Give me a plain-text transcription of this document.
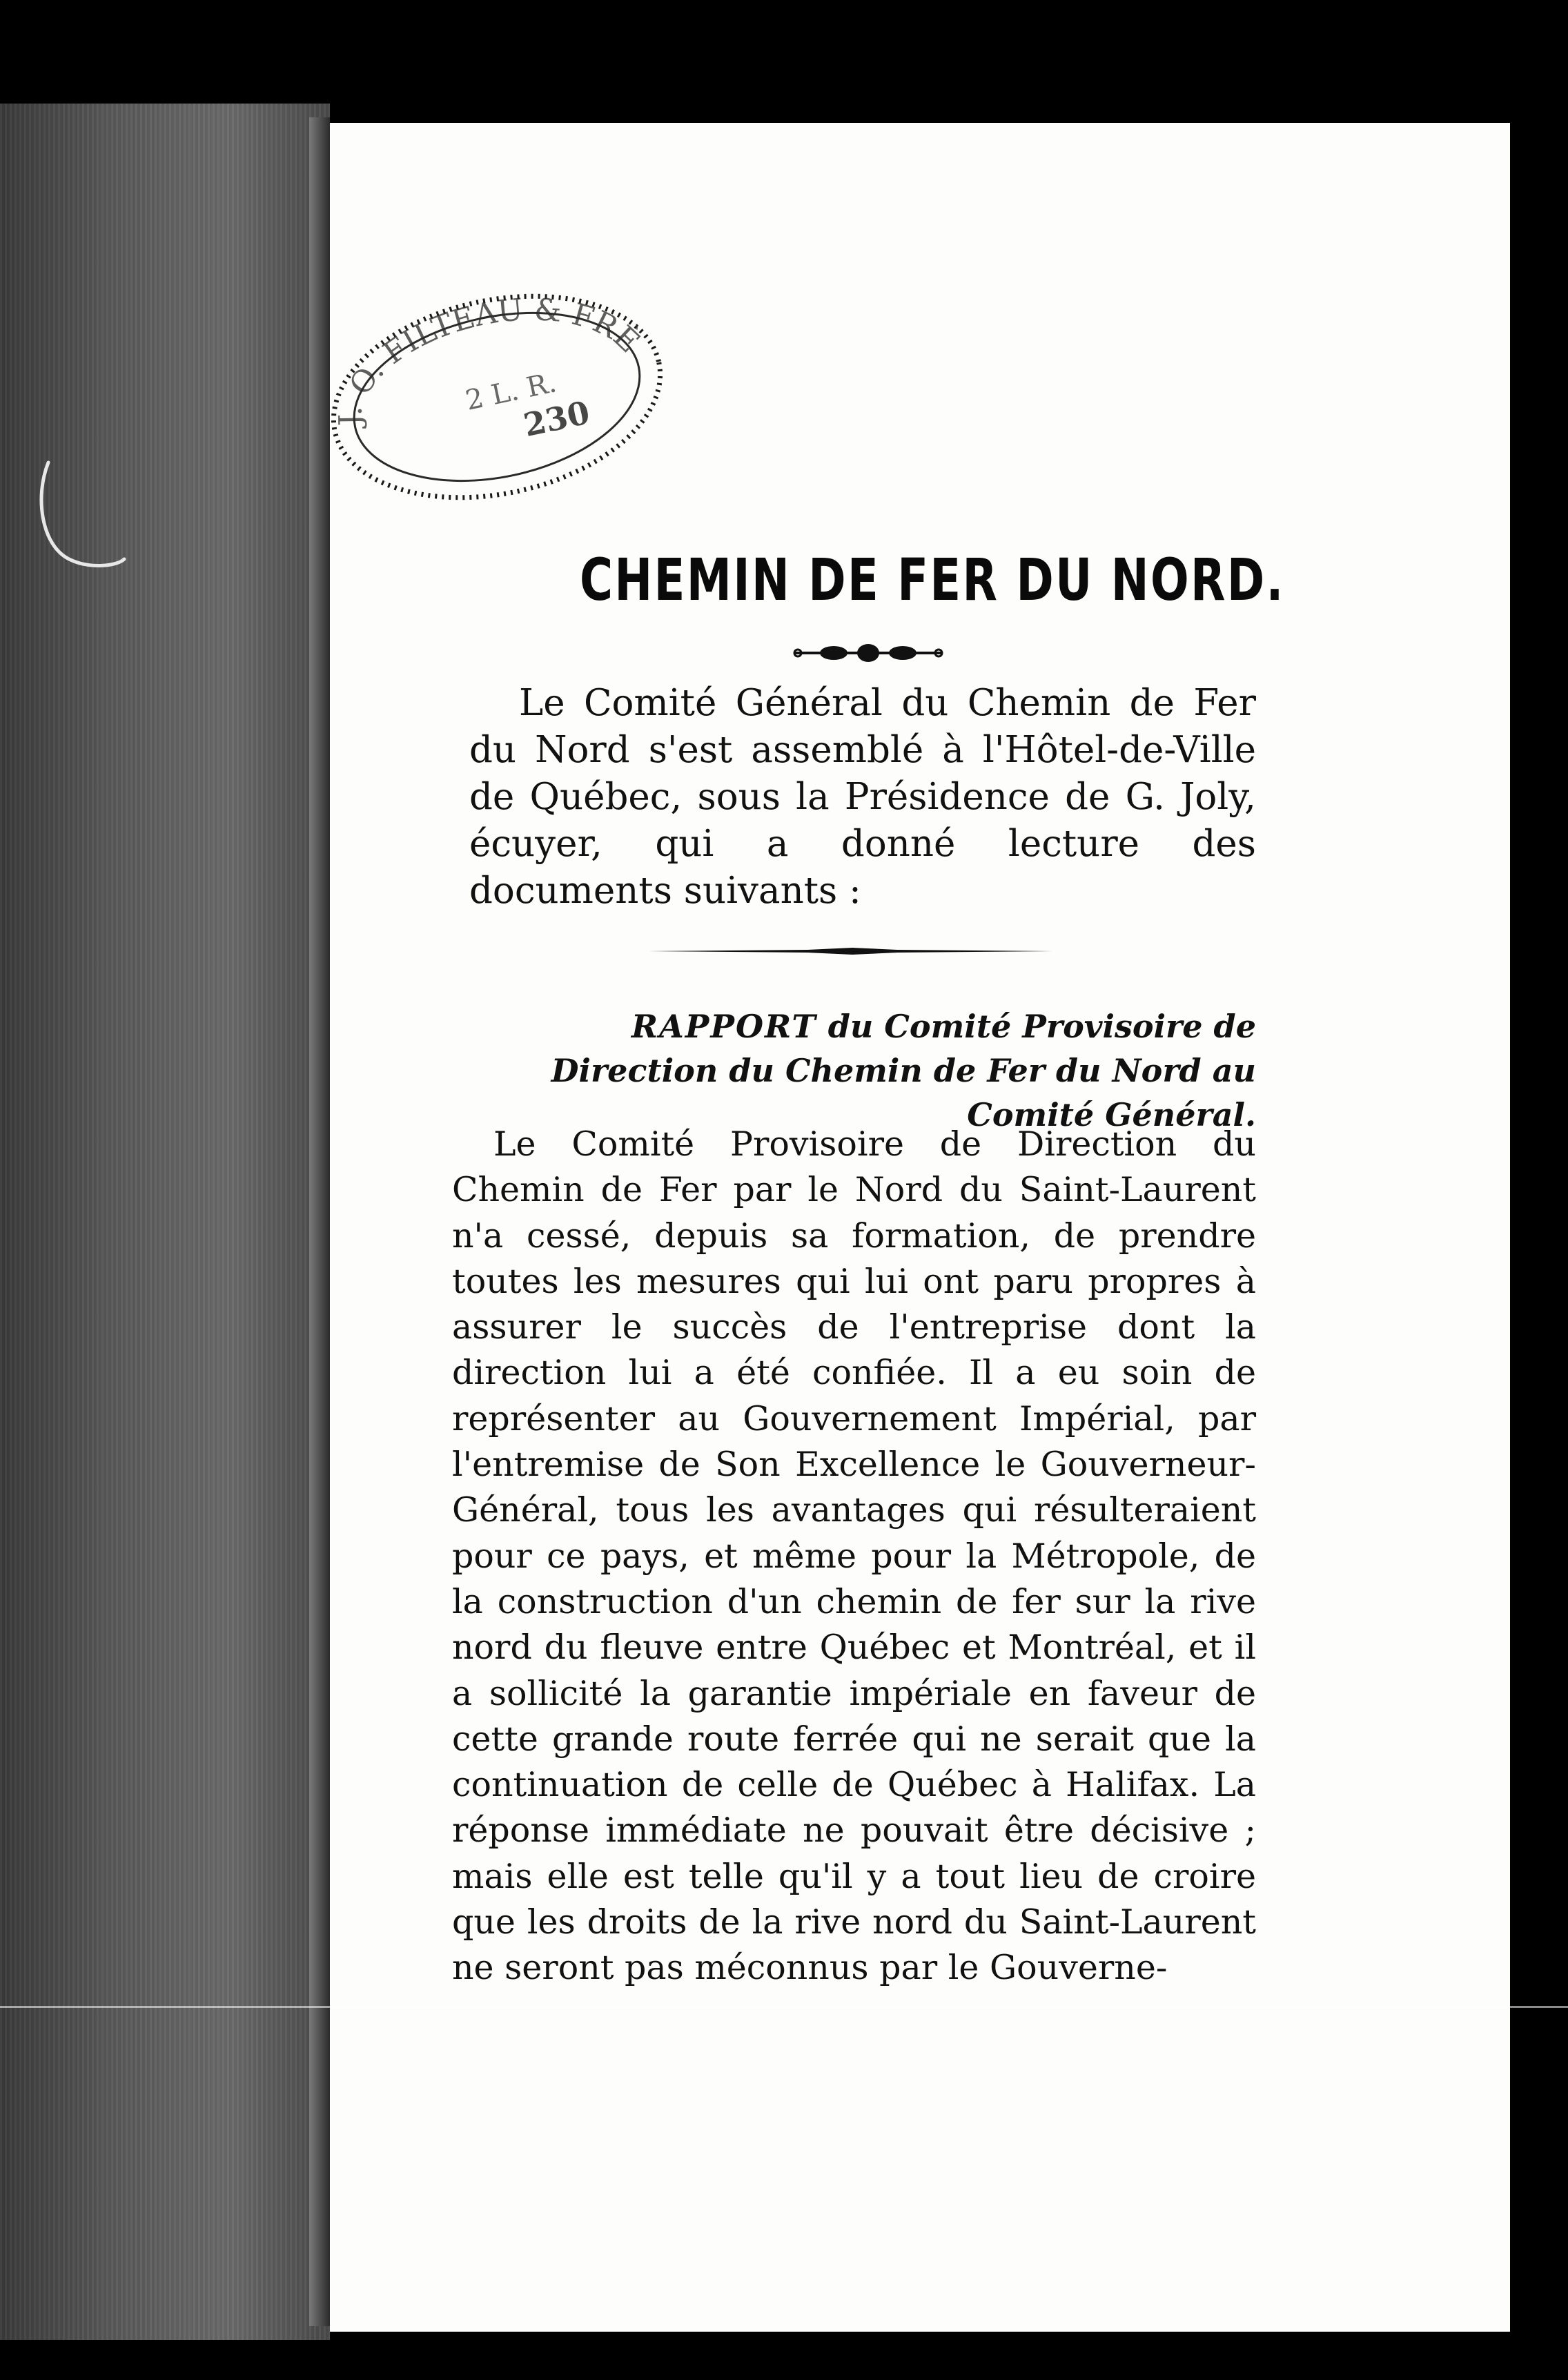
J. O. FILTEAU & FRÈRE
2 L. R.
230
CHEMIN DE FER DU NORD.

Le Comité Général du Chemin de Fer du Nord s'est assemblé à l'Hôtel-de-Ville de Québec, sous la Présidence de G. Joly, écuyer, qui a donné lecture des documents suivants :

RAPPORT du Comité Provisoire de Direction du Chemin de Fer du Nord au Comité Général.

Le Comité Provisoire de Direction du Chemin de Fer par le Nord du Saint-Laurent n'a cessé, depuis sa formation, de prendre toutes les mesures qui lui ont paru propres à assurer le succès de l'entreprise dont la direction lui a été confiée. Il a eu soin de représenter au Gouvernement Impérial, par l'entremise de Son Excellence le Gouverneur-Général, tous les avantages qui résulteraient pour ce pays, et même pour la Métropole, de la construction d'un chemin de fer sur la rive nord du fleuve entre Québec et Montréal, et il a sollicité la garantie impériale en faveur de cette grande route ferrée qui ne serait que la continuation de celle de Québec à Halifax. La réponse immédiate ne pouvait être décisive ; mais elle est telle qu'il y a tout lieu de croire que les droits de la rive nord du Saint-Laurent ne seront pas méconnus par le Gouverne-
